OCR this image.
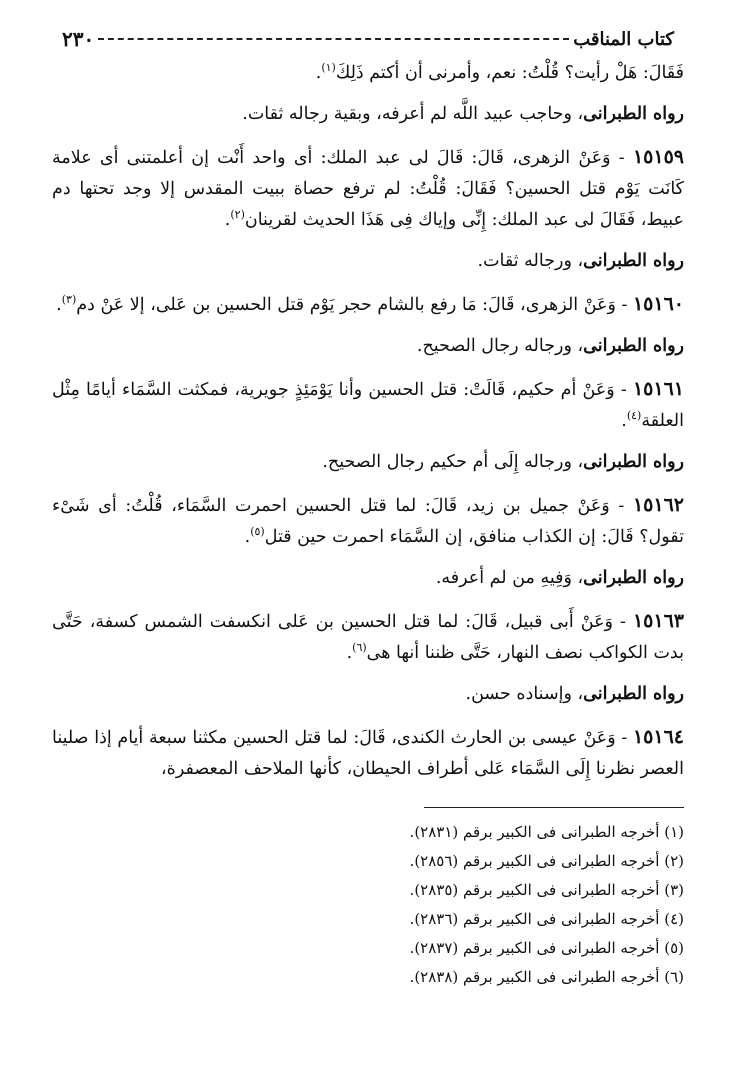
كتاب المناقب
٢٣٠

فَقَالَ: هَلْ رأيت؟ قُلْتُ: نعم، وأمرنى أن أكتم ذَلِكَ$^{(١)}$.

رواه الطبرانى، وحاجب عبيد اللَّه لم أعرفه، وبقية رجاله ثقات.

١٥١٥٩ - وَعَنْ الزهرى، قَالَ: قَالَ لى عبد الملك: أى واحد أَنْت إن أعلمتنى أى علامة كَانَت يَوْم قتل الحسين؟ فَقَالَ: قُلْتُ: لم ترفع حصاة ببيت المقدس إلا وجد تحتها دم عبيط، فَقَالَ لى عبد الملك: إِنِّى وإياك فِى هَذَا الحديث لقرينان$^{(٢)}$.

رواه الطبرانى، ورجاله ثقات.

١٥١٦٠ - وَعَنْ الزهرى، قَالَ: مَا رفع بالشام حجر يَوْم قتل الحسين بن عَلى، إلا عَنْ دم$^{(٣)}$.

رواه الطبرانى، ورجاله رجال الصحيح.

١٥١٦١ - وَعَنْ أم حكيم، قَالَتْ: قتل الحسين وأنا يَوْمَئِذٍ جويرية، فمكثت السَّمَاء أيامًا مِثْل العلقة$^{(٤)}$.

رواه الطبرانى، ورجاله إِلَى أم حكيم رجال الصحيح.

١٥١٦٢ - وَعَنْ جميل بن زيد، قَالَ: لما قتل الحسين احمرت السَّمَاء، قُلْتُ: أى شَىْء تقول؟ قَالَ: إن الكذاب منافق، إن السَّمَاء احمرت حين قتل$^{(٥)}$.

رواه الطبرانى، وَفِيهِ من لم أعرفه.

١٥١٦٣ - وَعَنْ أَبى قبيل، قَالَ: لما قتل الحسين بن عَلى انكسفت الشمس كسفة، حَتَّى بدت الكواكب نصف النهار، حَتَّى ظننا أنها هى$^{(٦)}$.

رواه الطبرانى، وإسناده حسن.

١٥١٦٤ - وَعَنْ عيسى بن الحارث الكندى، قَالَ: لما قتل الحسين مكثنا سبعة أيام إذا صلينا العصر نظرنا إِلَى السَّمَاء عَلى أطراف الحيطان، كأنها الملاحف المعصفرة،

(١) أخرجه الطبرانى فى الكبير برقم (٢٨٣١).
(٢) أخرجه الطبرانى فى الكبير برقم (٢٨٥٦).
(٣) أخرجه الطبرانى فى الكبير برقم (٢٨٣٥).
(٤) أخرجه الطبرانى فى الكبير برقم (٢٨٣٦).
(٥) أخرجه الطبرانى فى الكبير برقم (٢٨٣٧).
(٦) أخرجه الطبرانى فى الكبير برقم (٢٨٣٨).
